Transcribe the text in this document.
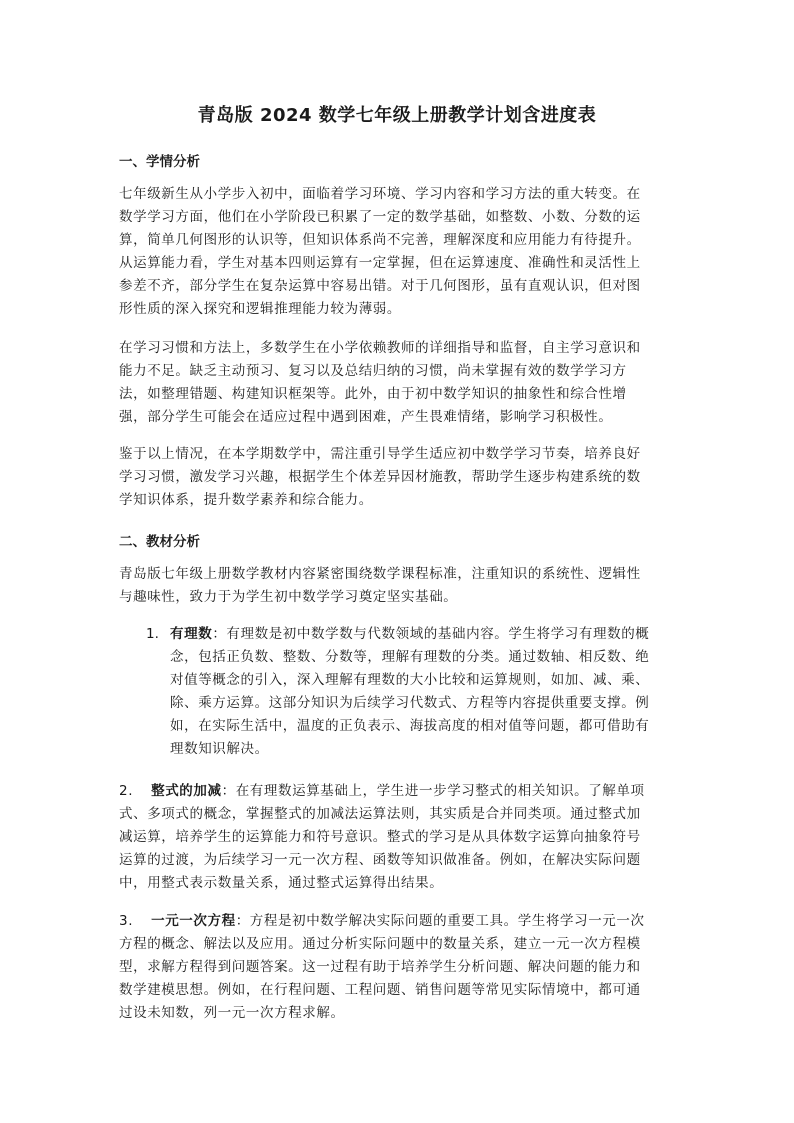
青岛版 2024 数学七年级上册教学计划含进度表
一、学情分析

七年级新生从小学步入初中，面临着学习环境、学习内容和学习方法的重大转变。在
数学学习方面，他们在小学阶段已积累了一定的数学基础，如整数、小数、分数的运
算，简单几何图形的认识等，但知识体系尚不完善，理解深度和应用能力有待提升。
从运算能力看，学生对基本四则运算有一定掌握，但在运算速度、准确性和灵活性上
参差不齐，部分学生在复杂运算中容易出错。对于几何图形，虽有直观认识，但对图
形性质的深入探究和逻辑推理能力较为薄弱。

在学习习惯和方法上，多数学生在小学依赖教师的详细指导和监督，自主学习意识和
能力不足。缺乏主动预习、复习以及总结归纳的习惯，尚未掌握有效的数学学习方
法，如整理错题、构建知识框架等。此外，由于初中数学知识的抽象性和综合性增
强，部分学生可能会在适应过程中遇到困难，产生畏难情绪，影响学习积极性。

鉴于以上情况，在本学期数学中，需注重引导学生适应初中数学学习节奏，培养良好
学习习惯，激发学习兴趣，根据学生个体差异因材施教，帮助学生逐步构建系统的数
学知识体系，提升数学素养和综合能力。

二、教材分析

青岛版七年级上册数学教材内容紧密围绕数学课程标准，注重知识的系统性、逻辑性
与趣味性，致力于为学生初中数学学习奠定坚实基础。

1. 有理数：有理数是初中数学数与代数领域的基础内容。学生将学习有理数的概
念，包括正负数、整数、分数等，理解有理数的分类。通过数轴、相反数、绝
对值等概念的引入，深入理解有理数的大小比较和运算规则，如加、减、乘、
除、乘方运算。这部分知识为后续学习代数式、方程等内容提供重要支撑。例
如，在实际生活中，温度的正负表示、海拔高度的相对值等问题，都可借助有
理数知识解决。

2. 整式的加减：在有理数运算基础上，学生进一步学习整式的相关知识。了解单项
式、多项式的概念，掌握整式的加减法运算法则，其实质是合并同类项。通过整式加
减运算，培养学生的运算能力和符号意识。整式的学习是从具体数字运算向抽象符号
运算的过渡，为后续学习一元一次方程、函数等知识做准备。例如，在解决实际问题
中，用整式表示数量关系，通过整式运算得出结果。

3. 一元一次方程：方程是初中数学解决实际问题的重要工具。学生将学习一元一次
方程的概念、解法以及应用。通过分析实际问题中的数量关系，建立一元一次方程模
型，求解方程得到问题答案。这一过程有助于培养学生分析问题、解决问题的能力和
数学建模思想。例如，在行程问题、工程问题、销售问题等常见实际情境中，都可通
过设未知数，列一元一次方程求解。
